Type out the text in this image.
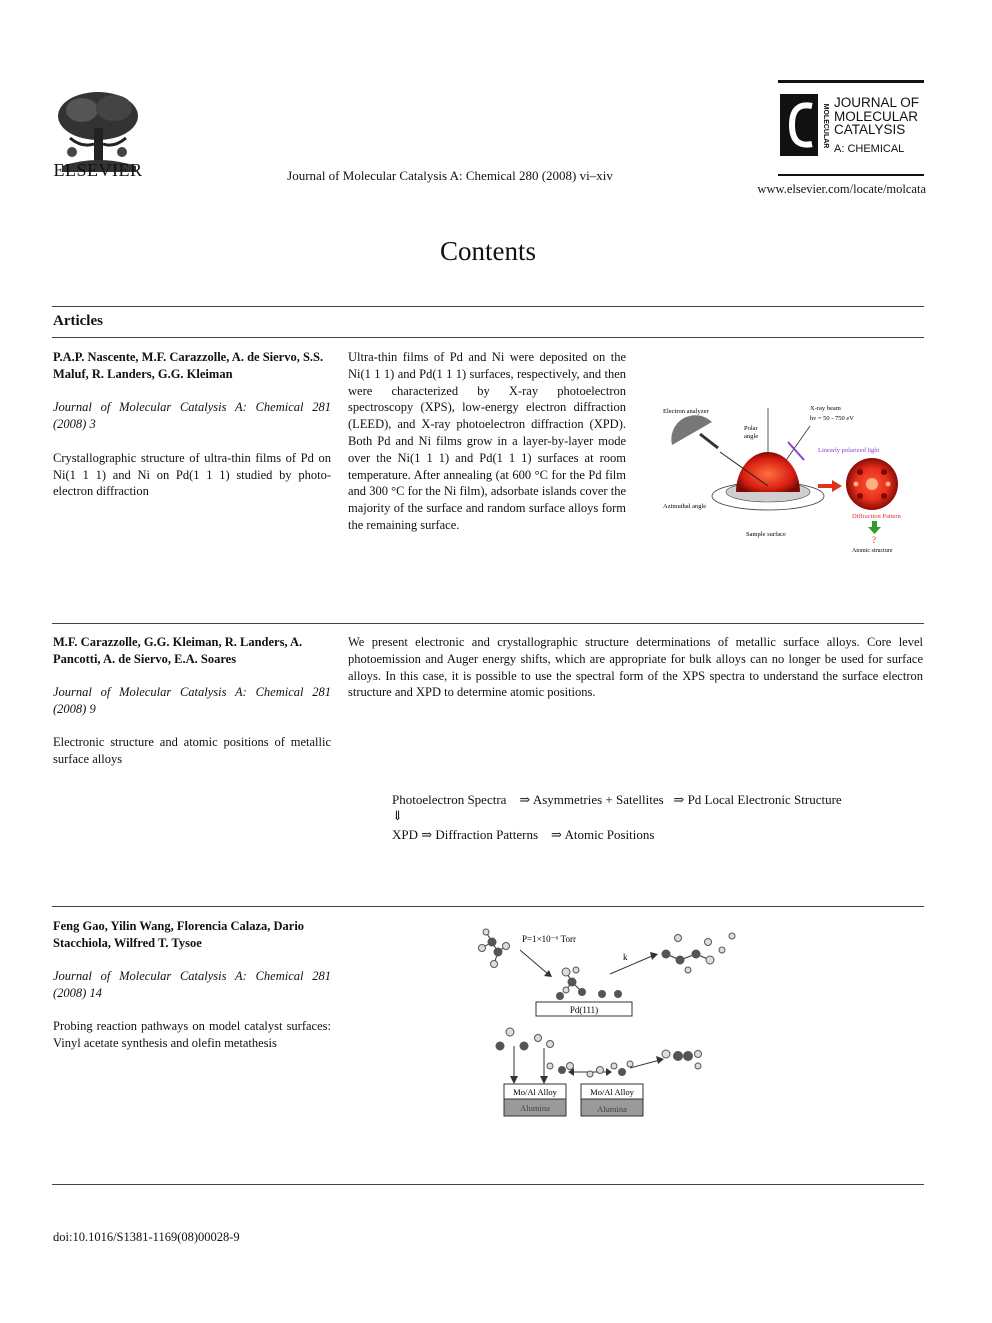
ELSEVIER	Journal of Molecular Catalysis A: Chemical 280 (2008) vi–xiv
MOLECULAR
JOURNAL OF
MOLECULAR
CATALYSIS
A: CHEMICAL
www.elsevier.com/locate/molcata
Contents
Articles
P.A.P. Nascente, M.F. Carazzolle, A. de Siervo, S.S. Maluf, R. Landers, G.G. Kleiman
Journal of Molecular Catalysis A: Chemical 281 (2008) 3
Crystallographic structure of ultra-thin films of Pd on Ni(1 1 1) and Ni on Pd(1 1 1) studied by photo-electron diffraction
Ultra-thin films of Pd and Ni were deposited on the Ni(1 1 1) and Pd(1 1 1) surfaces, respectively, and then were characterized by X-ray photoelectron spectroscopy (XPS), low-energy electron diffraction (LEED), and X-ray photoelectron diffraction (XPD). Both Pd and Ni films grow in a layer-by-layer mode over the Ni(1 1 1) and Pd(1 1 1) surfaces at room temperature. After annealing (at 600 °C for the Pd film and 300 °C for the Ni film), adsorbate islands cover the majority of the surface and random surface alloys form the remaining surface.
Electron analyzer
Polar
angle
X-ray beam
hν = 50 - 750 eV
Linearly polarized light
Azimuthal angle
Sample surface
Diffraction Pattern
?
Atomic structure
M.F. Carazzolle, G.G. Kleiman, R. Landers, A. Pancotti, A. de Siervo, E.A. Soares
Journal of Molecular Catalysis A: Chemical 281 (2008) 9
Electronic structure and atomic positions of metallic surface alloys
We present electronic and crystallographic structure determinations of metallic surface alloys. Core level photoemission and Auger energy shifts, which are appropriate for bulk alloys can no longer be used for surface alloys. In this case, it is possible to use the spectral form of the XPS spectra to understand the surface electron structure and XPD to determine atomic positions.
Photoelectron Spectra    ⇒ Asymmetries + Satellites   ⇒ Pd Local Electronic Structure
⇓
XPD ⇒ Diffraction Patterns    ⇒ Atomic Positions
Feng Gao, Yilin Wang, Florencia Calaza, Dario Stacchiola, Wilfred T. Tysoe
Journal of Molecular Catalysis A: Chemical 281 (2008) 14
Probing reaction pathways on model catalyst surfaces: Vinyl acetate synthesis and olefin metathesis
P=1×10⁻⁶ Torr
k
Pd(111)
Mo/Al Alloy
Alumina
Mo/Al Alloy
Alumina
doi:10.1016/S1381-1169(08)00028-9
